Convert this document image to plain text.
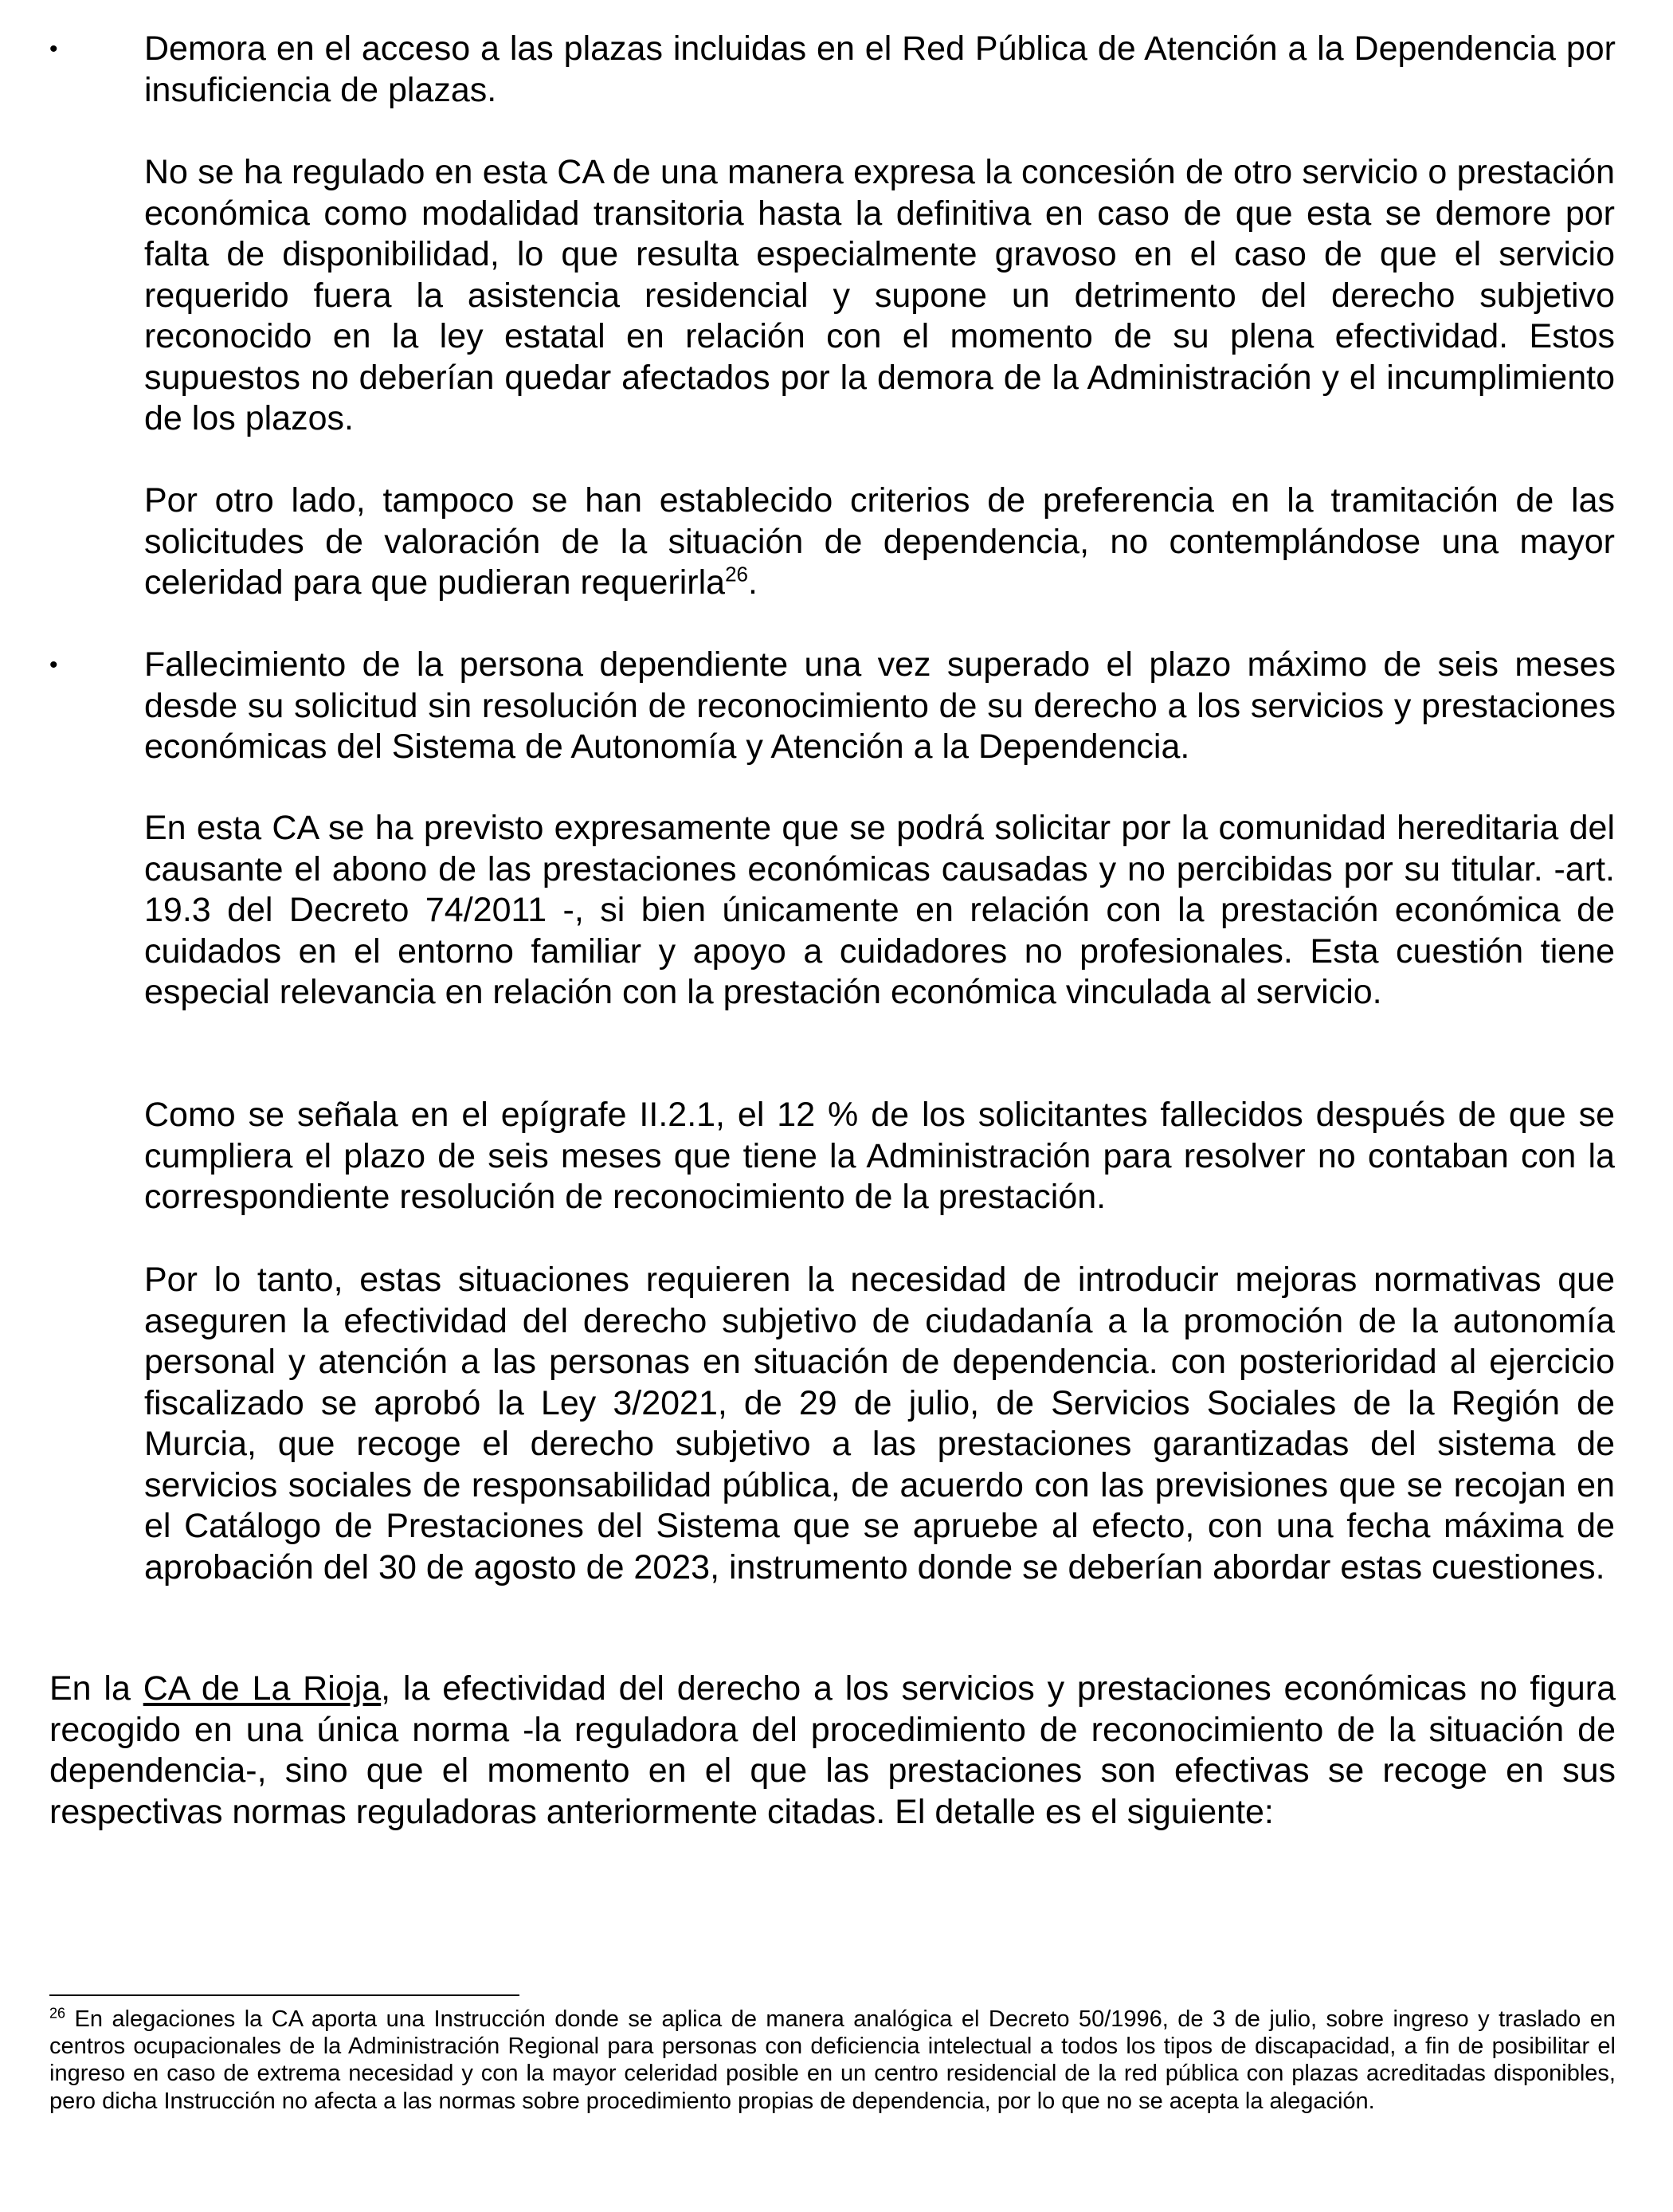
•	Demora en el acceso a las plazas incluidas en el Red Pública de Atención a la Dependencia por insuficiencia de plazas.

No se ha regulado en esta CA de una manera expresa la concesión de otro servicio o prestación económica como modalidad transitoria hasta la definitiva en caso de que esta se demore por falta de disponibilidad, lo que resulta especialmente gravoso en el caso de que el servicio requerido fuera la asistencia residencial y supone un detrimento del derecho subjetivo reconocido en la ley estatal en relación con el momento de su plena efectividad. Estos supuestos no deberían quedar afectados por la demora de la Administración y el incumplimiento de los plazos.

Por otro lado, tampoco se han establecido criterios de preferencia en la tramitación de las solicitudes de valoración de la situación de dependencia, no contemplándose una mayor celeridad para que pudieran requerirla$^{26}$.

•	Fallecimiento de la persona dependiente una vez superado el plazo máximo de seis meses desde su solicitud sin resolución de reconocimiento de su derecho a los servicios y prestaciones económicas del Sistema de Autonomía y Atención a la Dependencia.

En esta CA se ha previsto expresamente que se podrá solicitar por la comunidad hereditaria del causante el abono de las prestaciones económicas causadas y no percibidas por su titular. -art. 19.3 del Decreto 74/2011 -, si bien únicamente en relación con la prestación económica de cuidados en el entorno familiar y apoyo a cuidadores no profesionales. Esta cuestión tiene especial relevancia en relación con la prestación económica vinculada al servicio.

Como se señala en el epígrafe II.2.1, el 12 % de los solicitantes fallecidos después de que se cumpliera el plazo de seis meses que tiene la Administración para resolver no contaban con la correspondiente resolución de reconocimiento de la prestación.

Por lo tanto, estas situaciones requieren la necesidad de introducir mejoras normativas que aseguren la efectividad del derecho subjetivo de ciudadanía a la promoción de la autonomía personal y atención a las personas en situación de dependencia. con posterioridad al ejercicio fiscalizado se aprobó la Ley 3/2021, de 29 de julio, de Servicios Sociales de la Región de Murcia, que recoge el derecho subjetivo a las prestaciones garantizadas del sistema de servicios sociales de responsabilidad pública, de acuerdo con las previsiones que se recojan en el Catálogo de Prestaciones del Sistema que se apruebe al efecto, con una fecha máxima de aprobación del 30 de agosto de 2023, instrumento donde se deberían abordar estas cuestiones.

En la CA de La Rioja, la efectividad del derecho a los servicios y prestaciones económicas no figura recogido en una única norma -la reguladora del procedimiento de reconocimiento de la situación de dependencia-, sino que el momento en el que las prestaciones son efectivas se recoge en sus respectivas normas reguladoras anteriormente citadas. El detalle es el siguiente:

$^{26}$ En alegaciones la CA aporta una Instrucción donde se aplica de manera analógica el Decreto 50/1996, de 3 de julio, sobre ingreso y traslado en centros ocupacionales de la Administración Regional para personas con deficiencia intelectual a todos los tipos de discapacidad, a fin de posibilitar el ingreso en caso de extrema necesidad y con la mayor celeridad posible en un centro residencial de la red pública con plazas acreditadas disponibles, pero dicha Instrucción no afecta a las normas sobre procedimiento propias de dependencia, por lo que no se acepta la alegación.
